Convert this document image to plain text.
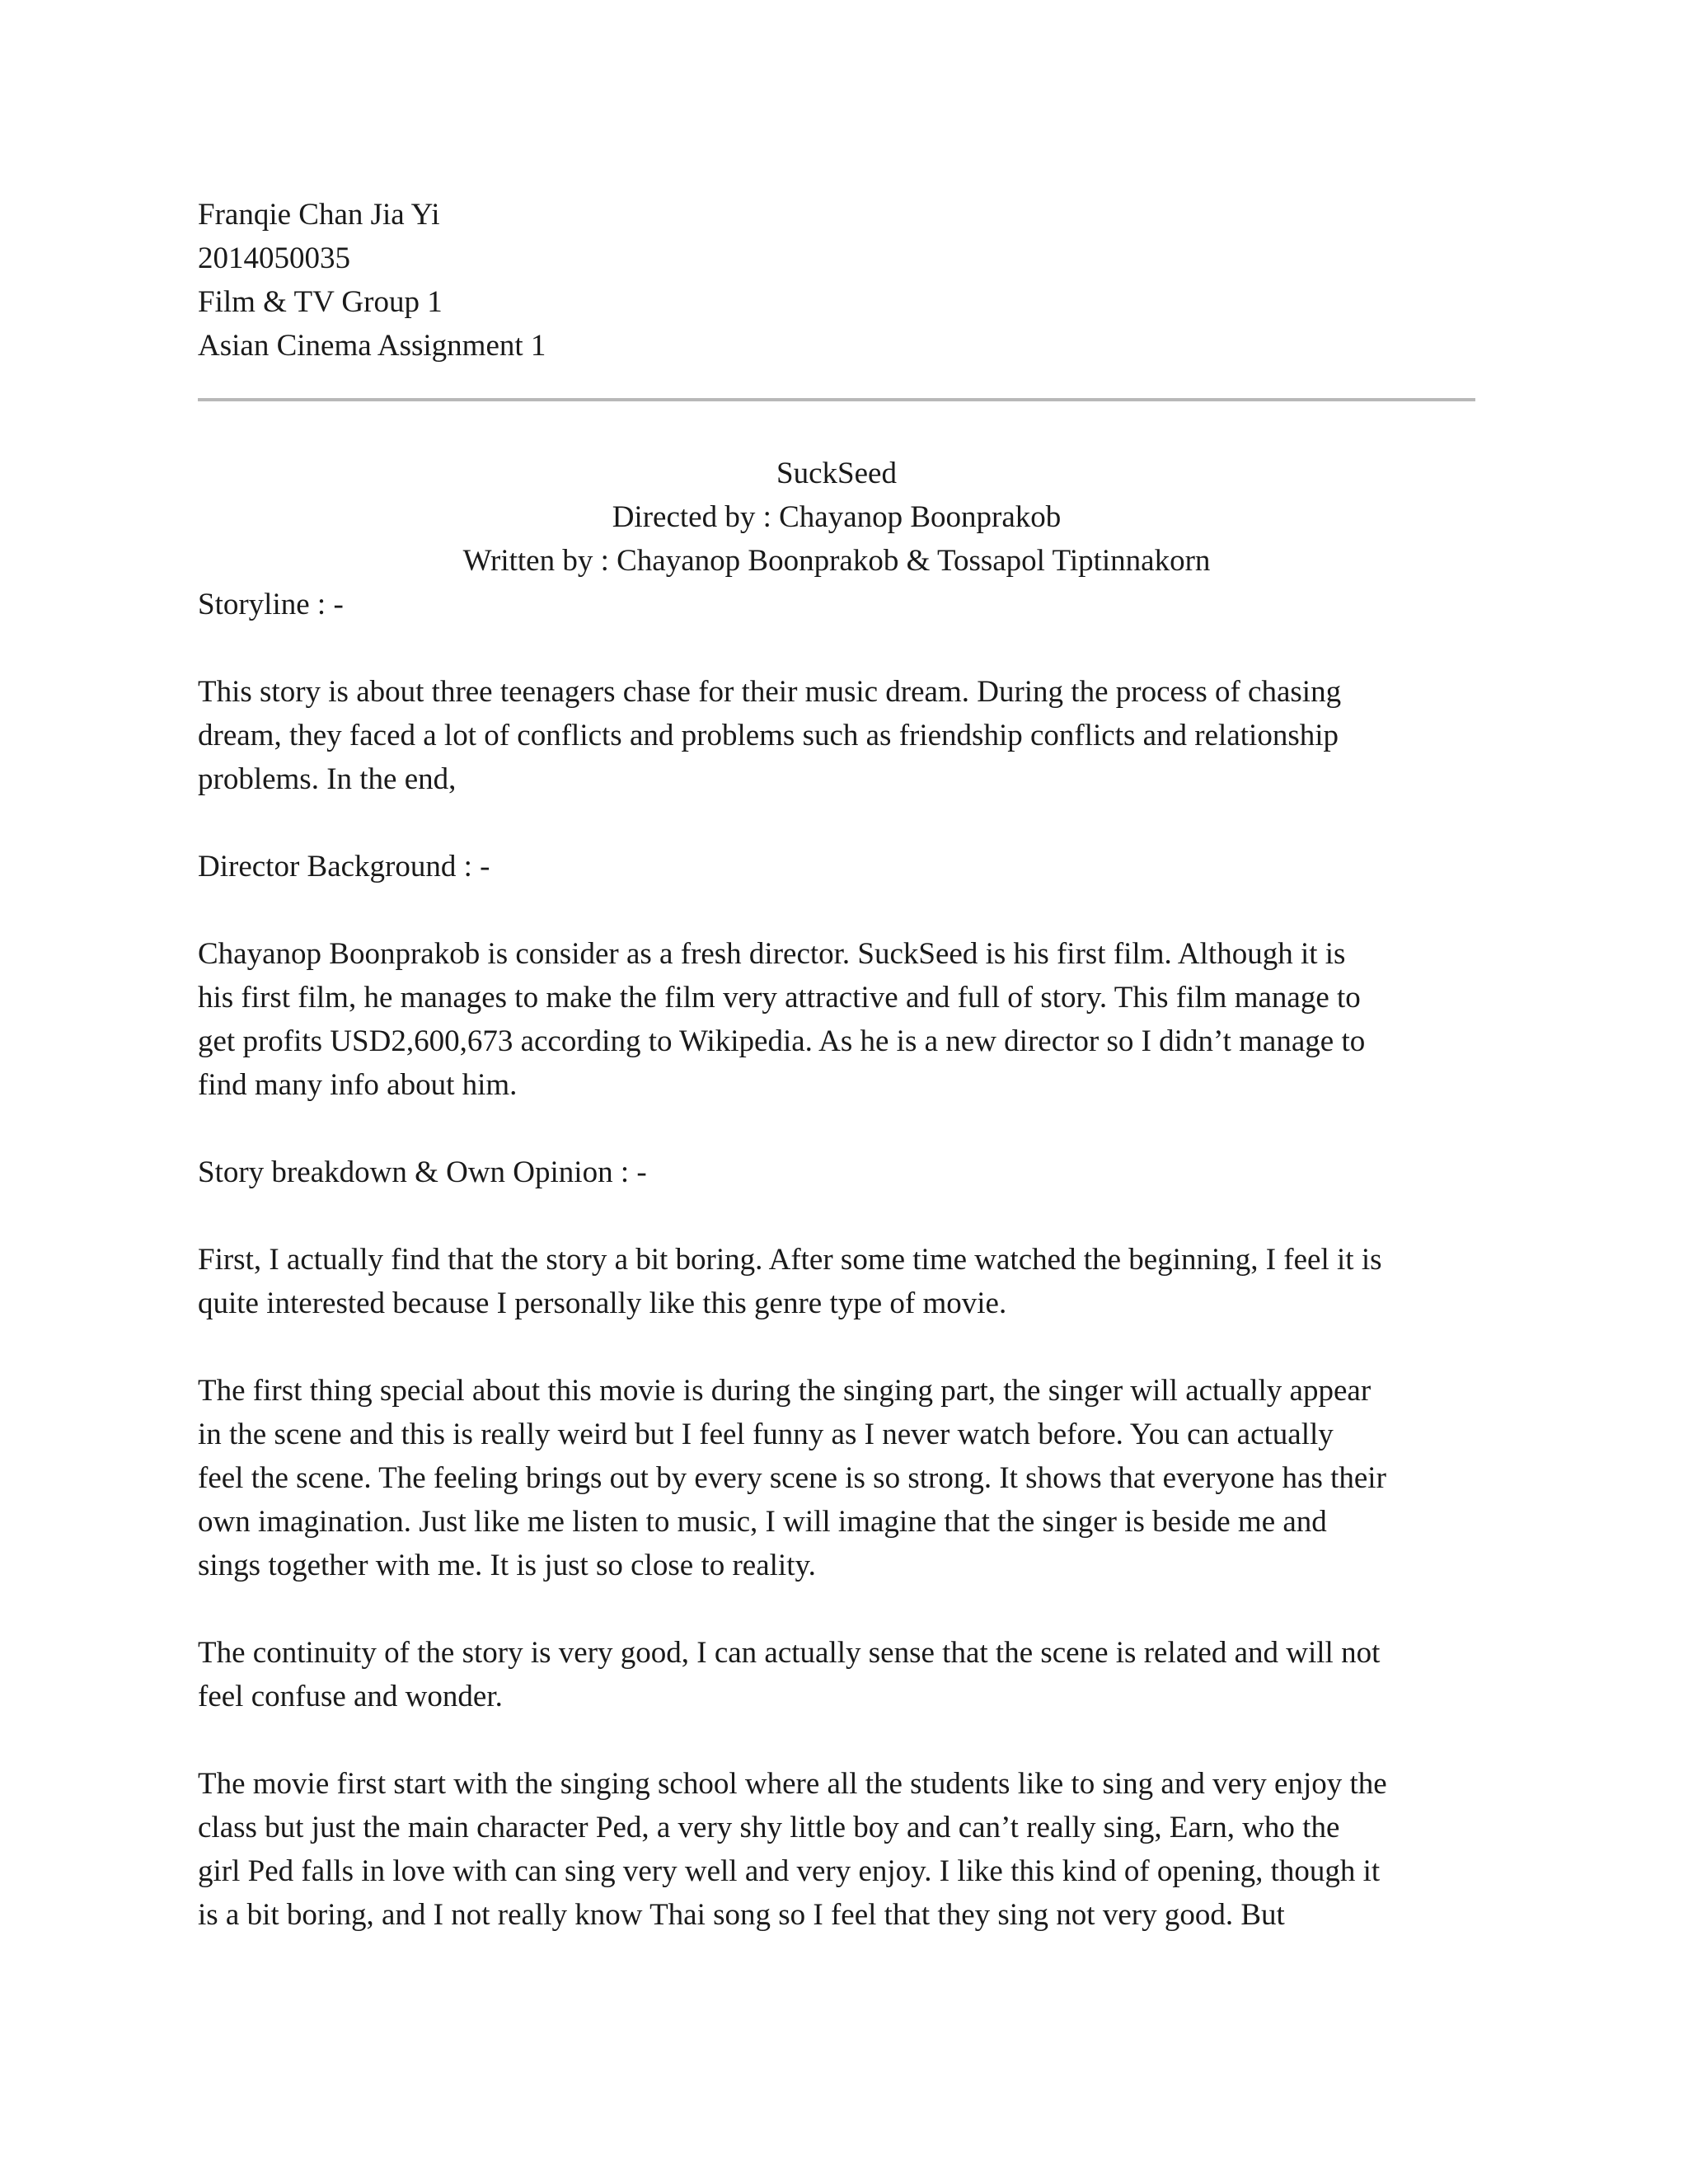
Franqie Chan Jia Yi
2014050035
Film & TV Group 1
Asian Cinema Assignment 1
SuckSeed
Directed by : Chayanop Boonprakob
Written by : Chayanop Boonprakob & Tossapol Tiptinnakorn
Storyline : -

This story is about three teenagers chase for their music dream. During the process of chasing
dream, they faced a lot of conflicts and problems such as friendship conflicts and relationship
problems. In the end,

Director Background : -

Chayanop Boonprakob is consider as a fresh director. SuckSeed is his first film. Although it is
his first film, he manages to make the film very attractive and full of story. This film manage to
get profits USD2,600,673 according to Wikipedia. As he is a new director so I didn’t manage to
find many info about him.

Story breakdown & Own Opinion : -

First, I actually find that the story a bit boring. After some time watched the beginning, I feel it is
quite interested because I personally like this genre type of movie.

The first thing special about this movie is during the singing part, the singer will actually appear
in the scene and this is really weird but I feel funny as I never watch before. You can actually
feel the scene. The feeling brings out by every scene is so strong. It shows that everyone has their
own imagination. Just like me listen to music, I will imagine that the singer is beside me and
sings together with me. It is just so close to reality.

The continuity of the story is very good, I can actually sense that the scene is related and will not
feel confuse and wonder.

The movie first start with the singing school where all the students like to sing and very enjoy the
class but just the main character Ped, a very shy little boy and can’t really sing, Earn, who the
girl Ped falls in love with can sing very well and very enjoy. I like this kind of opening, though it
is a bit boring, and I not really know Thai song so I feel that they sing not very good. But
